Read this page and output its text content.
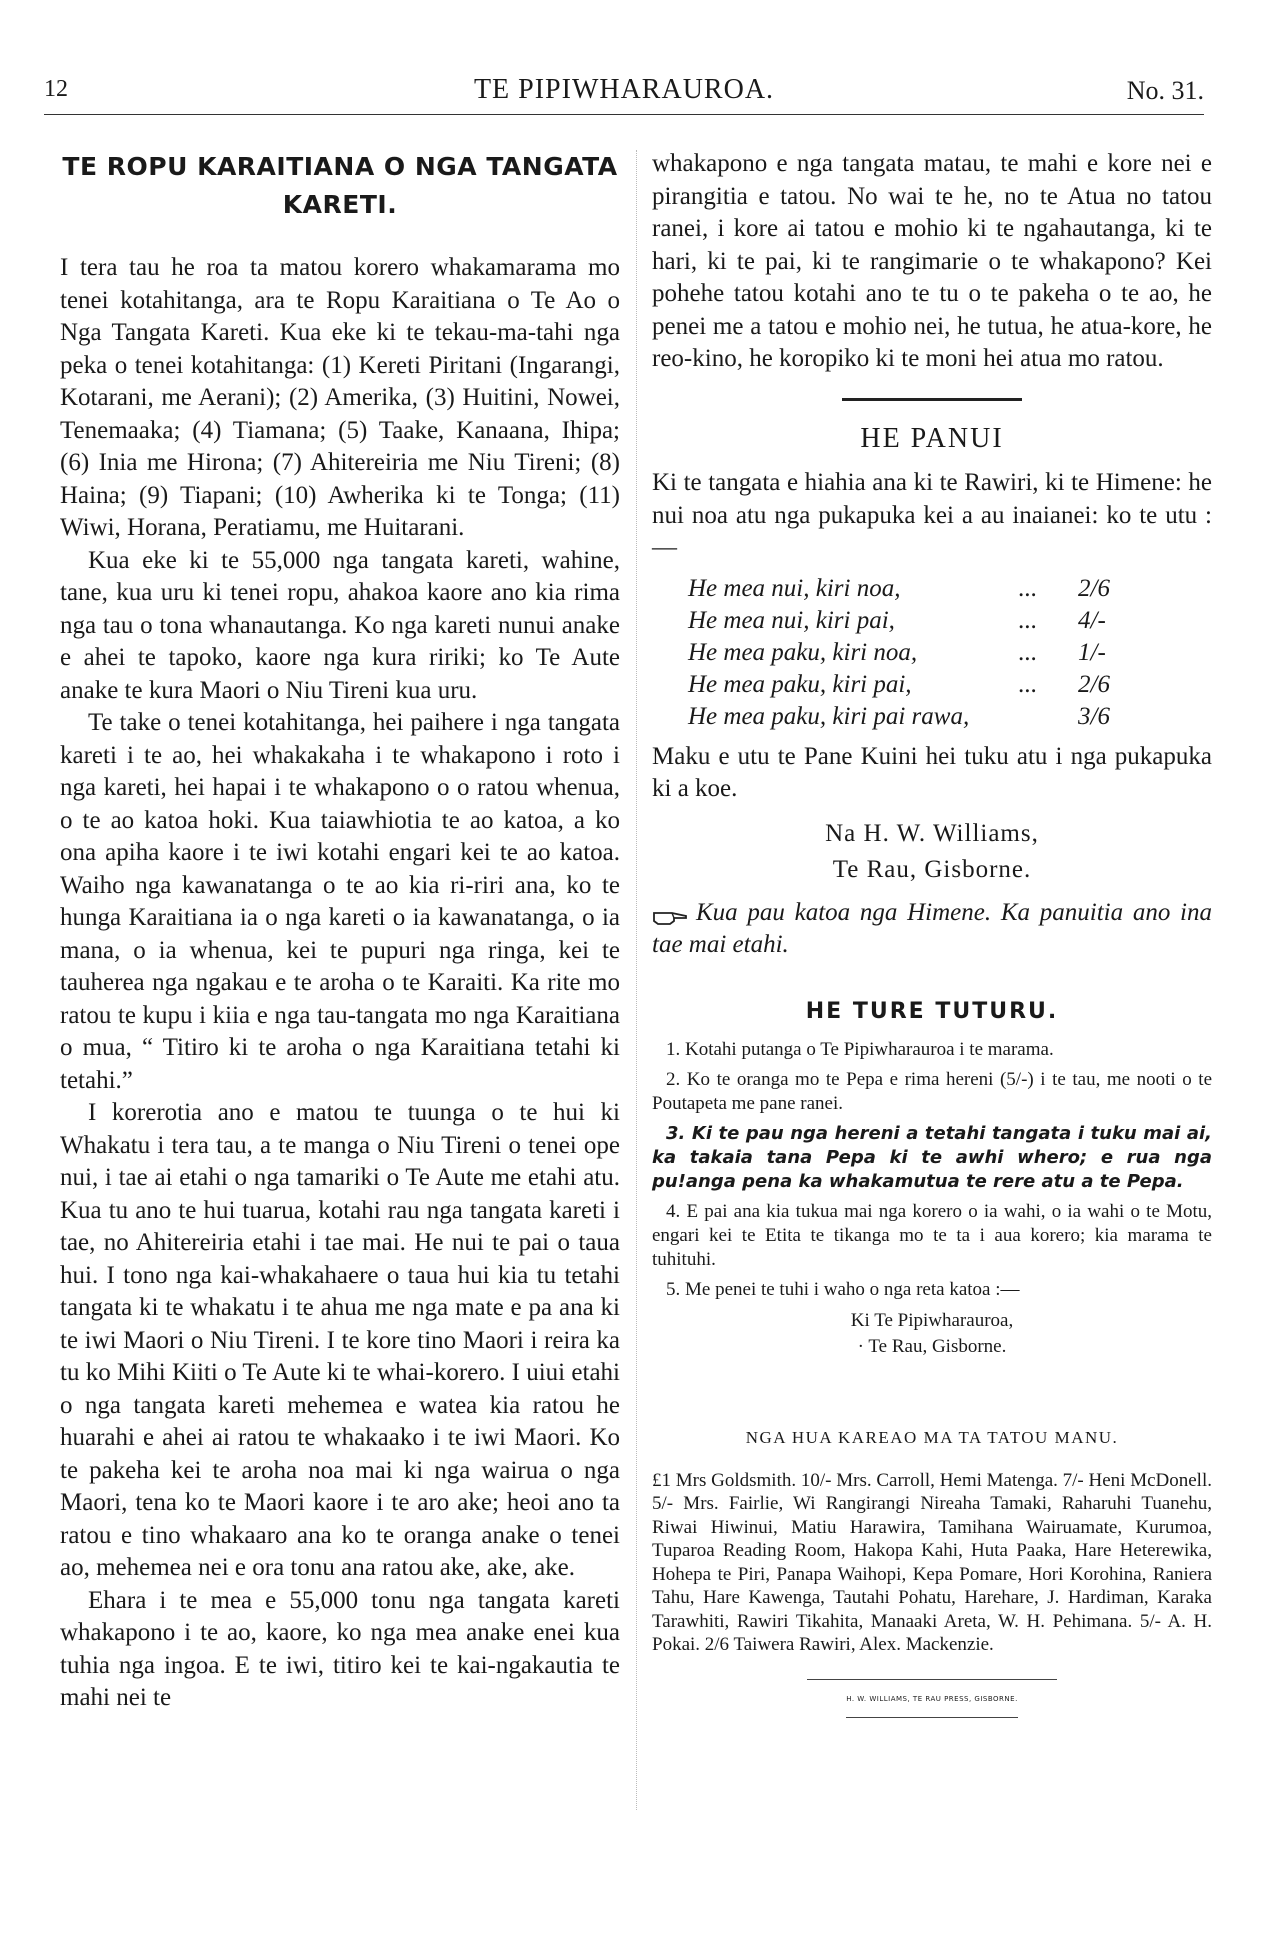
12	TE PIPIWHARAUROA.	No. 31.
TE ROPU KARAITIANA O NGA TANGATA KARETI.

I tera tau he roa ta matou korero whakamarama mo tenei kotahitanga, ara te Ropu Karaitiana o Te Ao o Nga Tangata Kareti. Kua eke ki te tekau-ma-tahi nga peka o tenei kotahitanga: (1) Kereti Piritani (Ingarangi, Kotarani, me Aerani); (2) Amerika, (3) Huitini, Nowei, Tenemaaka; (4) Tiamana; (5) Taake, Kanaana, Ihipa; (6) Inia me Hirona; (7) Ahitereiria me Niu Tireni; (8) Haina; (9) Tiapani; (10) Awherika ki te Tonga; (11) Wiwi, Horana, Peratiamu, me Huitarani.

Kua eke ki te 55,000 nga tangata kareti, wahine, tane, kua uru ki tenei ropu, ahakoa kaore ano kia rima nga tau o tona whanautanga. Ko nga kareti nunui anake e ahei te tapoko, kaore nga kura ririki; ko Te Aute anake te kura Maori o Niu Tireni kua uru.

Te take o tenei kotahitanga, hei paihere i nga tangata kareti i te ao, hei whakakaha i te whakapono i roto i nga kareti, hei hapai i te whakapono o o ratou whenua, o te ao katoa hoki. Kua taiawhiotia te ao katoa, a ko ona apiha kaore i te iwi kotahi engari kei te ao katoa. Waiho nga kawanatanga o te ao kia ri-riri ana, ko te hunga Karaitiana ia o nga kareti o ia kawanatanga, o ia mana, o ia whenua, kei te pupuri nga ringa, kei te tauherea nga ngakau e te aroha o te Karaiti. Ka rite mo ratou te kupu i kiia e nga tau-tangata mo nga Karaitiana o mua, “ Titiro ki te aroha o nga Karaitiana tetahi ki tetahi.”

I korerotia ano e matou te tuunga o te hui ki Whakatu i tera tau, a te manga o Niu Tireni o tenei ope nui, i tae ai etahi o nga tamariki o Te Aute me etahi atu. Kua tu ano te hui tuarua, kotahi rau nga tangata kareti i tae, no Ahitereiria etahi i tae mai. He nui te pai o taua hui. I tono nga kai-whakahaere o taua hui kia tu tetahi tangata ki te whakatu i te ahua me nga mate e pa ana ki te iwi Maori o Niu Tireni. I te kore tino Maori i reira ka tu ko Mihi Kiiti o Te Aute ki te whai-korero. I uiui etahi o nga tangata kareti mehemea e watea kia ratou he huarahi e ahei ai ratou te whakaako i te iwi Maori. Ko te pakeha kei te aroha noa mai ki nga wairua o nga Maori, tena ko te Maori kaore i te aro ake; heoi ano ta ratou e tino whakaaro ana ko te oranga anake o tenei ao, mehemea nei e ora tonu ana ratou ake, ake, ake.

Ehara i te mea e 55,000 tonu nga tangata kareti whakapono i te ao, kaore, ko nga mea anake enei kua tuhia nga ingoa. E te iwi, titiro kei te kai-ngakautia te mahi nei te

whakapono e nga tangata matau, te mahi e kore nei e pirangitia e tatou. No wai te he, no te Atua no tatou ranei, i kore ai tatou e mohio ki te ngahautanga, ki te hari, ki te pai, ki te rangimarie o te whakapono? Kei pohehe tatou kotahi ano te tu o te pakeha o te ao, he penei me a tatou e mohio nei, he tutua, he atua-kore, he reo-kino, he koropiko ki te moni hei atua mo ratou.

HE PANUI

Ki te tangata e hiahia ana ki te Rawiri, ki te Himene: he nui noa atu nga pukapuka kei a au inaianei: ko te utu :—

He mea nui, kiri noa,	...	2/6
He mea nui, kiri pai,	...	4/-
He mea paku, kiri noa,	...	1/-
He mea paku, kiri pai,	...	2/6
He mea paku, kiri pai rawa,	3/6

Maku e utu te Pane Kuini hei tuku atu i nga pukapuka ki a koe.

Na H. W. Williams,
Te Rau, Gisborne.

Kua pau katoa nga Himene. Ka panuitia ano ina tae mai etahi.

HE TURE TUTURU.

1. Kotahi putanga o Te Pipiwharauroa i te marama.

2. Ko te oranga mo te Pepa e rima hereni (5/-) i te tau, me nooti o te Poutapeta me pane ranei.

3. Ki te pau nga hereni a tetahi tangata i tuku mai ai, ka takaia tana Pepa ki te awhi whero; e rua nga pu!anga pena ka whakamutua te rere atu a te Pepa.

4. E pai ana kia tukua mai nga korero o ia wahi, o ia wahi o te Motu, engari kei te Etita te tikanga mo te ta i aua korero; kia marama te tuhituhi.

5. Me penei te tuhi i waho o nga reta katoa :—

Ki Te Pipiwharauroa,
· Te Rau, Gisborne.
NGA HUA KAREAO MA TA TATOU MANU.

£1 Mrs Goldsmith. 10/- Mrs. Carroll, Hemi Matenga. 7/- Heni McDonell. 5/- Mrs. Fairlie, Wi Rangirangi Nireaha Tamaki, Raharuhi Tuanehu, Riwai Hiwinui, Matiu Harawira, Tamihana Wairuamate, Kurumoa, Tuparoa Reading Room, Hakopa Kahi, Huta Paaka, Hare Heterewika, Hohepa te Piri, Panapa Waihopi, Kepa Pomare, Hori Korohina, Raniera Tahu, Hare Kawenga, Tautahi Pohatu, Harehare, J. Hardiman, Karaka Tarawhiti, Rawiri Tikahita, Manaaki Areta, W. H. Pehimana. 5/- A. H. Pokai. 2/6 Taiwera Rawiri, Alex. Mackenzie.

H. W. WILLIAMS, TE RAU PRESS, GISBORNE.
